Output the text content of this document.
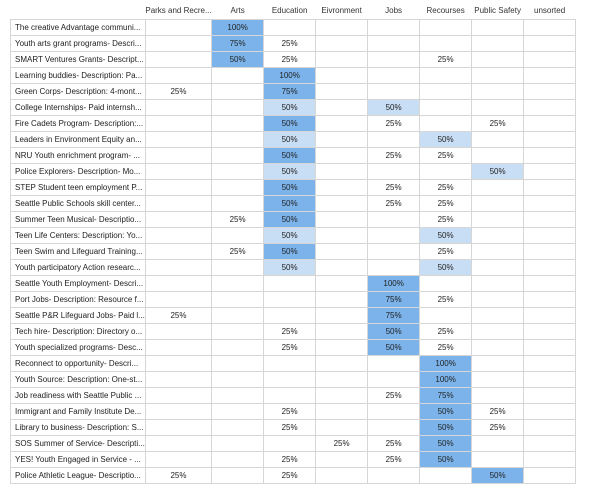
	Parks and Recre...	Arts	Education	Eivronment	Jobs	Recourses	Public Safety	unsorted
The creative Advantage communi...		100%						
Youth arts grant programs- Descri...		75%	25%					
SMART Ventures Grants- Descript...		50%	25%			25%		
Learning buddies- Description: Pa...			100%					
Green Corps- Description: 4-mont...	25%		75%					
College Internships- Paid internsh...			50%		50%			
Fire Cadets Program- Description:...			50%		25%		25%	
Leaders in Environment Equity an...			50%			50%		
NRU Youth enrichment program- ...			50%		25%	25%		
Police Explorers- Description- Mo...			50%				50%	
STEP Student teen employment P...			50%		25%	25%		
Seattle Public Schools skill center...			50%		25%	25%		
Summer Teen Musical- Descriptio...		25%	50%			25%		
Teen Life Centers: Description: Yo...			50%			50%		
Teen Swim and Lifeguard Training...		25%	50%			25%		
Youth participatory Action researc...			50%			50%		
Seattle Youth Employment- Descri...					100%			
Port Jobs- Description: Resource f...					75%	25%		
Seattle P&R Lifeguard Jobs- Paid l...	25%				75%			
Tech hire- Description: Directory o...			25%		50%	25%		
Youth specialized programs- Desc...			25%		50%	25%		
Reconnect to opportunity- Descri...						100%		
Youth Source: Description: One-st...						100%		
Job readiness with Seattle Public ...					25%	75%		
Immigrant and Family Institute De...			25%			50%	25%	
Library to business- Description: S...			25%			50%	25%	
SOS Summer of Service- Descripti...				25%	25%	50%		
YES! Youth Engaged in Service - ...			25%		25%	50%		
Police Athletic League- Descriptio...	25%		25%				50%	
